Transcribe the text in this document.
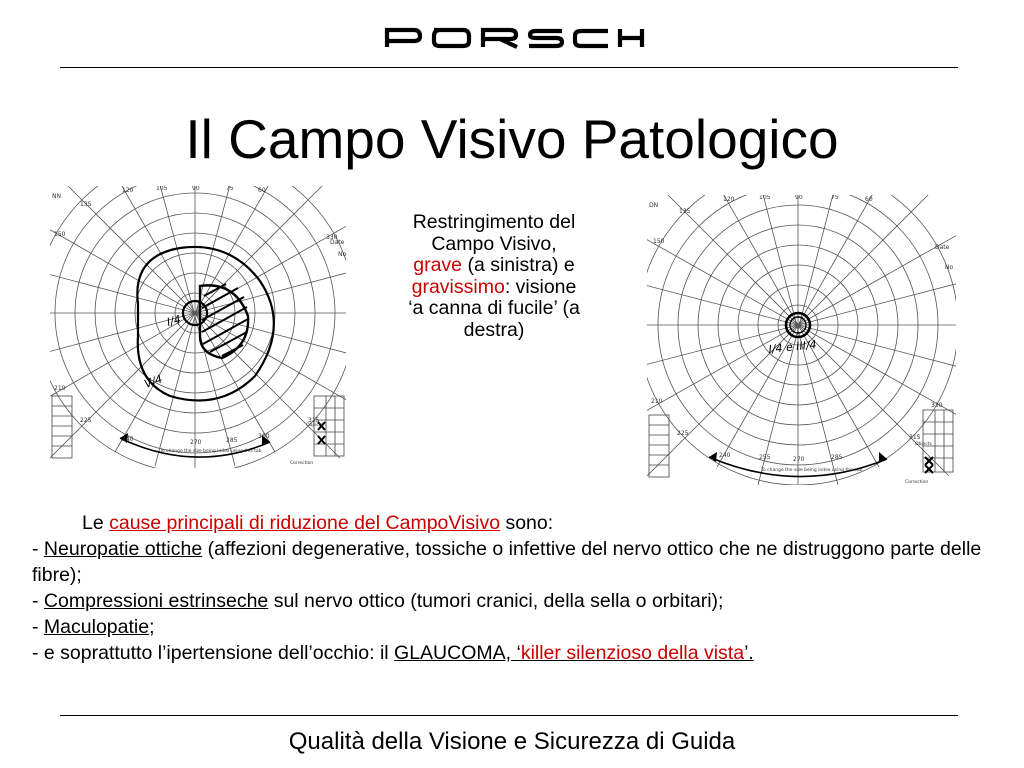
Il Campo Visivo Patologico
NN
120	105	90	75	60
135
150
210
225
240	270	285
300
315
330
Date
No
To change the size being index using this tab
Objects
Correction
I/4
V/4
DN
120	105	90	75	60
135
150
210
225
240	255	270	285
315
330
Date
No
To change the size being index using this tab
Objects
Correction
I/4 e III/4
Restringimento del Campo Visivo, grave (a sinistra) e gravissimo: visione ‘a canna di fucile’ (a destra)
Le cause principali di riduzione del CampoVisivo sono:
- Neuropatie ottiche (affezioni degenerative, tossiche o infettive del nervo ottico che ne distruggono parte delle fibre);
- Compressioni estrinseche sul nervo ottico (tumori cranici, della sella o orbitari);
- Maculopatie;
- e soprattutto l’ipertensione dell’occhio: il GLAUCOMA, ‘killer silenzioso della vista’.
Qualità della Visione e Sicurezza di Guida
